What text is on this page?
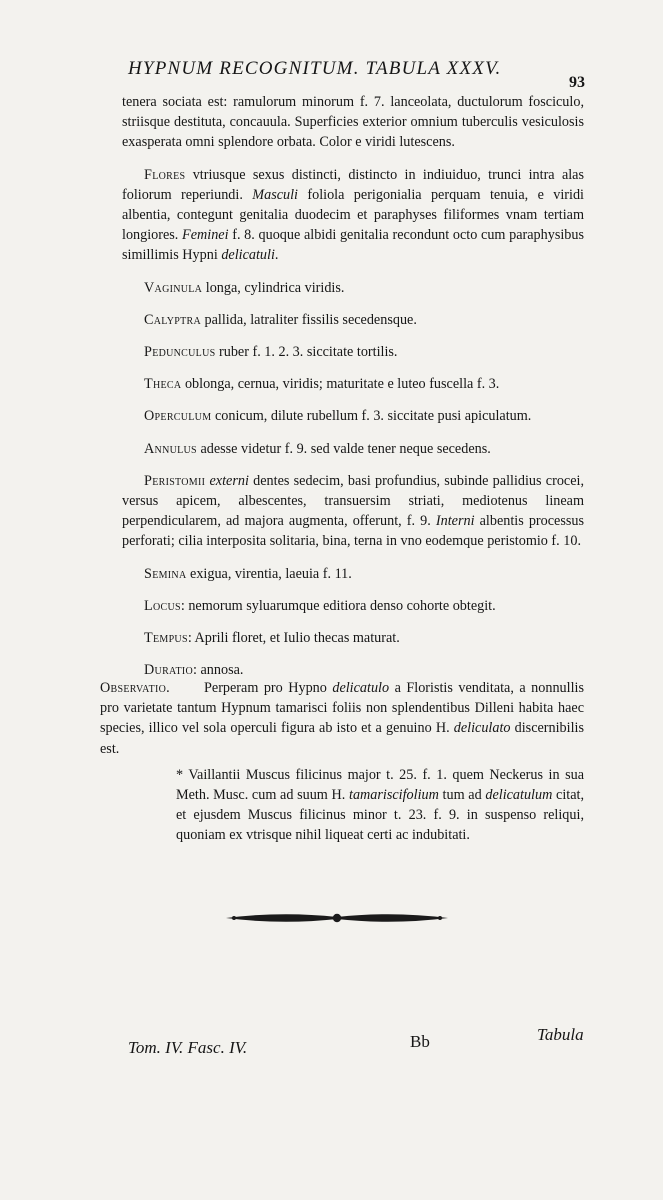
HYPNUM RECOGNITUM. TABULA XXXV.
93

tenera sociata est: ramulorum minorum f. 7. lanceolata, ductulorum fosciculo, striisque destituta, concauula. Superficies exterior omnium tuberculis vesiculosis exasperata omni splendore orbata. Color e viridi lutescens.

Flores vtriusque sexus distincti, distincto in indiuiduo, trunci intra alas foliorum reperiundi. Masculi foliola perigonialia perquam tenuia, e viridi albentia, contegunt genitalia duodecim et paraphyses filiformes vnam tertiam longiores. Feminei f. 8. quoque albidi genitalia recondunt octo cum paraphysibus simillimis Hypni delicatuli.

Vaginula longa, cylindrica viridis.

Calyptra pallida, latraliter fissilis secedensque.

Pedunculus ruber f. 1. 2. 3. siccitate tortilis.

Theca oblonga, cernua, viridis; maturitate e luteo fuscella f. 3.

Operculum conicum, dilute rubellum f. 3. siccitate pusi apiculatum.

Annulus adesse videtur f. 9. sed valde tener neque secedens.

Peristomii externi dentes sedecim, basi profundius, subinde pallidius crocei, versus apicem, albescentes, transuersim striati, mediotenus lineam perpendicularem, ad majora augmenta, offerunt, f. 9. Interni albentis processus perforati; cilia interposita solitaria, bina, terna in vno eodemque peristomio f. 10.

Semina exigua, virentia, laeuia f. 11.

Locus: nemorum syluarumque editiora denso cohorte obtegit.

Tempus: Aprili floret, et Iulio thecas maturat.

Duratio: annosa.

Observatio. Perperam pro Hypno delicatulo a Floristis venditata, a nonnullis pro varietate tantum Hypnum tamarisci foliis non splendentibus Dilleni habita haec species, illico vel sola operculi figura ab isto et a genuino H. deliculato discernibilis est.

* Vaillantii Muscus filicinus major t. 25. f. 1. quem Neckerus in sua Meth. Musc. cum ad suum H. tamariscifolium tum ad delicatulum citat, et ejusdem Muscus filicinus minor t. 23. f. 9. in suspenso reliqui, quoniam ex vtrisque nihil liqueat certi ac indubitati.

Tom. IV. Fasc. IV.	Bb	Tabula
